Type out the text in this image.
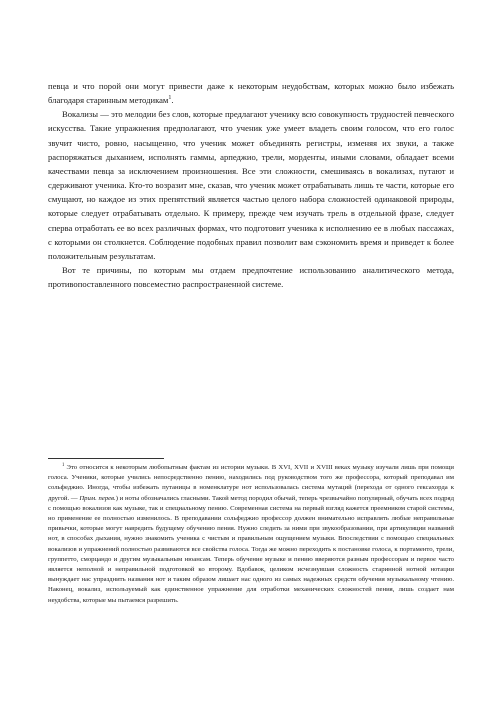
певца и что порой они могут привести даже к некоторым неудобствам, которых можно было избежать благодаря старинным методикам$^1$.

Вокализы — это мелодии без слов, которые предлагают ученику всю совокупность трудностей певческого искусства. Такие упражнения предполагают, что ученик уже умеет владеть своим голосом, что его голос звучит чисто, ровно, насыщенно, что ученик может объединять регистры, изменяя их звуки, а также распоряжаться дыханием, исполнять гаммы, арпеджио, трели, морденты, иными словами, обладает всеми качествами певца за исключением произношения. Все эти сложности, смешиваясь в вокализах, путают и сдерживают ученика. Кто-то возразит мне, сказав, что ученик может отрабатывать лишь те части, которые его смущают, но каждое из этих препятствий является частью целого набора сложностей одинаковой природы, которые следует отрабатывать отдельно. К примеру, прежде чем изучать трель в отдельной фразе, следует сперва отработать ее во всех различных формах, что подготовит ученика к исполнению ее в любых пассажах, с которыми он столкнется. Соблюдение подобных правил позволит вам сэкономить время и приведет к более положительным результатам.

Вот те причины, по которым мы отдаем предпочтение использованию аналитического метода, противопоставленного повсеместно распространенной системе.

$^1$ Это относится к некоторым любопытным фактам из истории музыки. В XVI, XVII и XVIII веках музыку изучали лишь при помощи голоса. Ученики, которые учились непосредственно пению, находились под руководством того же профессора, который преподавал им сольфеджио. Иногда, чтобы избежать путаницы в номенклатуре нот использовалась система мутаций (перехода от одного гексахорда к другой. — Прим. перев.) и ноты обозначались гласными. Такой метод породил обычай, теперь чрезвычайно популярный, обучать всех подряд с помощью вокализов как музыке, так и специальному пению. Современная система на первый взгляд кажется преемником старой системы, но применение ее полностью изменилось. В преподавании сольфеджио профессор должен внимательно исправлять любые неправильные привычки, которые могут навредить будущему обучению пения. Нужно следить за ними при звукообразовании, при артикуляции названий нот, в способах дыхания, нужно знакомить ученика с чистым и правильным ощущением музыки. Впоследствии с помощью специальных вокализов и упражнений полностью развиваются все свойства голоса. Тогда же можно переходить к постановке голоса, к портаменто, трели, группетто, сморцандо и другим музыкальным нюансам. Теперь обучение музыке и пению вверяются разным профессорам и первое часто является неполной и неправильной подготовкой ко второму. Вдобавок, целиком исчезнувшая сложность старинной нотной нотации вынуждает нас упразднить названия нот и таким образом лишает нас одного из самых надежных средств обучения музыкальному чтению. Наконец, вокализ, используемый как единственное упражнение для отработки механических сложностей пения, лишь создает нам неудобства, которые мы пытаемся разрешить.
